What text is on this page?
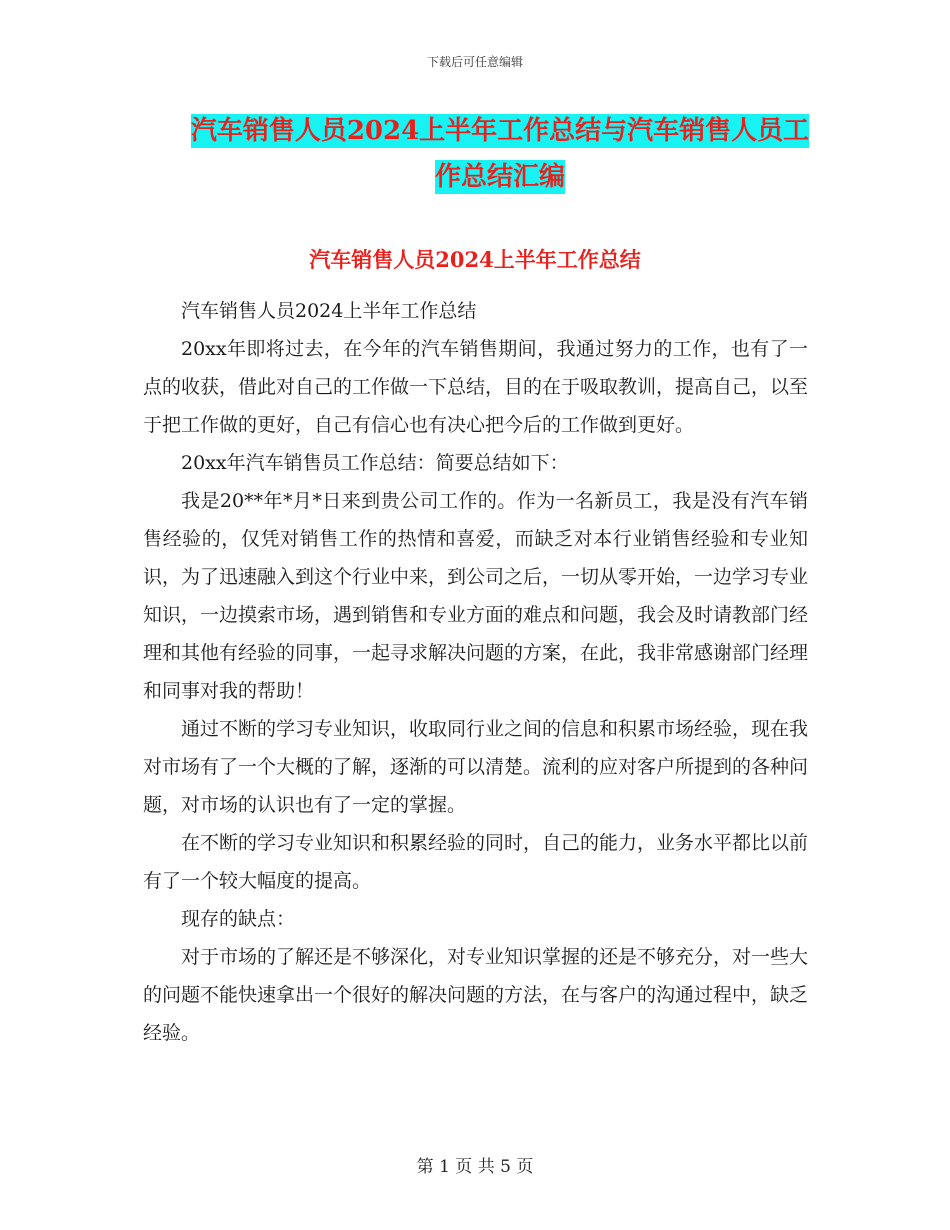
下载后可任意编辑
汽车销售人员2024上半年工作总结与汽车销售人员工
作总结汇编
汽车销售人员2024上半年工作总结

汽车销售人员2024上半年工作总结

20xx年即将过去，在今年的汽车销售期间，我通过努力的工作，也有了一点的收获，借此对自己的工作做一下总结，目的在于吸取教训，提高自己，以至于把工作做的更好，自己有信心也有决心把今后的工作做到更好。

20xx年汽车销售员工作总结：简要总结如下：

我是20**年*月*日来到贵公司工作的。作为一名新员工，我是没有汽车销售经验的，仅凭对销售工作的热情和喜爱，而缺乏对本行业销售经验和专业知识，为了迅速融入到这个行业中来，到公司之后，一切从零开始，一边学习专业知识，一边摸索市场，遇到销售和专业方面的难点和问题，我会及时请教部门经理和其他有经验的同事，一起寻求解决问题的方案，在此，我非常感谢部门经理和同事对我的帮助！

通过不断的学习专业知识，收取同行业之间的信息和积累市场经验，现在我对市场有了一个大概的了解，逐渐的可以清楚。流利的应对客户所提到的各种问题，对市场的认识也有了一定的掌握。

在不断的学习专业知识和积累经验的同时，自己的能力，业务水平都比以前有了一个较大幅度的提高。

现存的缺点：

对于市场的了解还是不够深化，对专业知识掌握的还是不够充分，对一些大的问题不能快速拿出一个很好的解决问题的方法，在与客户的沟通过程中，缺乏经验。

第 1 页 共 5 页
